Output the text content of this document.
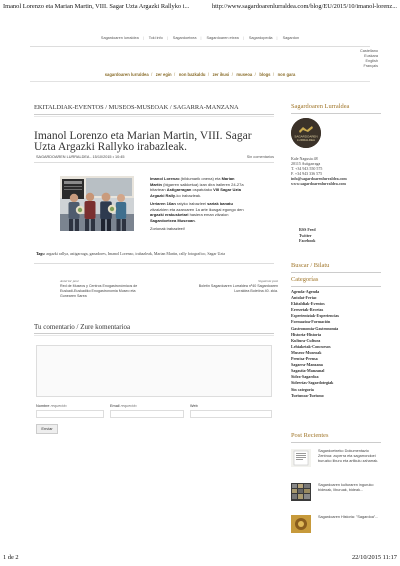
Imanol Lorenzo eta Marian Martin, VIII. Sagar Uzta Argazki Rallyko i...	http://www.sagardoarenlurraldea.com/blog/EU/2015/10/imanol-lorenz...
Sagardoaren lurraldea | Toki info | Sagardoetxea | Sagardoaren etxea | Sagardopedia | Sagardon
Castellano
Euskara
English
Français
sagardoaren lurraldea / zer egin / non bazkaldu / zer ikusi / museoa / blogs / non gara
EKITALDIAK-EVENTOS / MUSEOS-MUSEOAK / SAGARRA-MANZANA
Imanol Lorenzo eta Marian Martin, VIII. Sagar Uzta Argazki Rallyko irabazleak.
SAGARDOAREN LURRALDEA - 15/10/2015 • 10:45	Sin comentarios

Imanol Lorenzo (bildumarik onena) eta Marian Martin (bigarren saikketua) izan dira iraileren 24-27a bitartean Astigarragan ospatutako VIII Sagar Uzta Argazki Rally-ko irabazleak.

Urriaren 16an ratyko irabazleei sariak banatu zitzaizkien eta azaroaren 1a arte ikusgai egongo den argazki erakusketari hasiera eman zitzaion Sagardoetxea Museoan.

Zorionak irabazleei!

Tags: argazki rallya, astigarraga, ganadores, Imanol Lorenzo, irabazleak, Marian Martin, rally fotografico, Sagar Uzta
Anterior post
Red de Museos y Centros Enogastronómicos de Euskadi-Euskadiko Enogastronomia Museo eta Gunearen Sarea
Siguiente post
Boletín Sagardoaren Lurraldea nº40 Sagardoaren Lurraldea Boletína 40. zkia.
Tu comentario / Zure komentarioa
Nombre requerido	Email requerido	Web
Enviar
Sagardoaren Lurraldea
SAGARDOAREN
LURRALDEA
Kale Nagusia 48
20115 Astigarraga
T. +34 943 550 575
F. +34 943 336 575
info@sagardoarenlurraldea.com
www.sagardoarenlurraldea.com
RSS Feed
Twitter
Facebook
Buscar / Bilatu
Categorías
Agenda-Agenda
Antolat-Feriac
Ekitaldiak-Eventos
Errezetak-Recetas
Esperientziak-Experiencias
Formazioa-Formación
Gastronomia-Gastronomía
Historia-Historia
Kultura-Cultura
Lehiaketak-Concursos
Museos-Museoak
Prentsa-Prensa
Sagarra-Manzana
Sagastia-Manzanal
Sidra-Sagardoa
Sidrerías-Sagardotegiak
Sin categoría
Turismoa-Turismo
Post Recientes
Sagardoetxeko Dokumentazio Zentroa: zuperra eta sagarrondoei buruzko liburu eta artikulu zaharrak.
Sagardoaren kulturaren inguruko bideoak, liburuak, bideak...
Sagardoaren Historia: "Sagardoa"...
1 de 2	22/10/2015 11:17
